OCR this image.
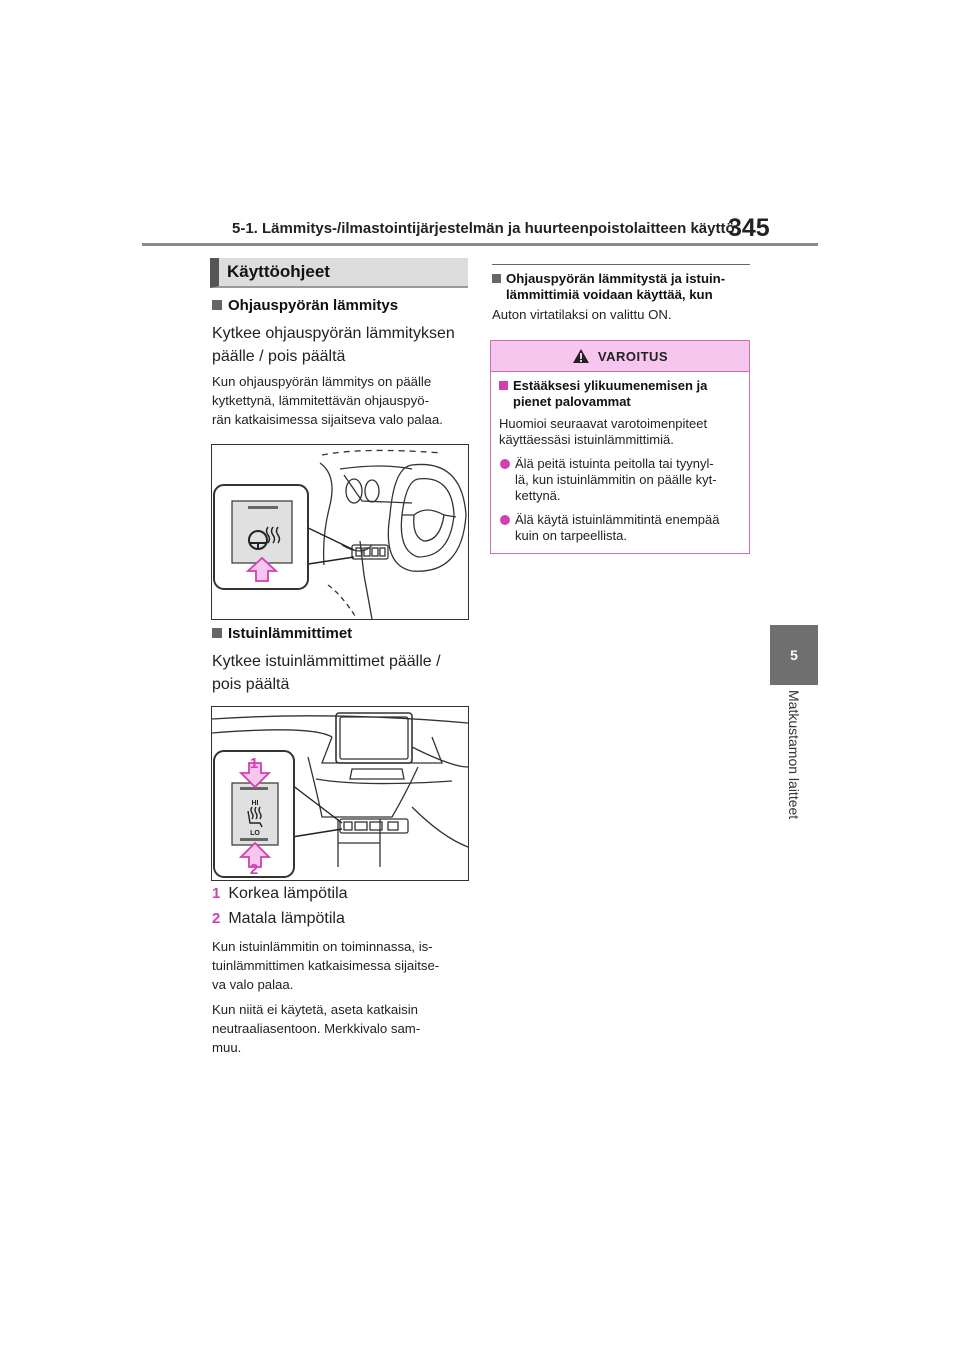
5-1. Lämmitys-/ilmastointijärjestelmän ja huurteenpoistolaitteen käyttö
345
5
Matkustamon laitteet
Käyttöohjeet
Ohjauspyörän lämmitys
Kytkee ohjauspyörän lämmityksen
päälle / pois päältä
Kun ohjauspyörän lämmitys on päälle
kytkettynä, lämmitettävän ohjauspyö-
rän katkaisimessa sijaitseva valo palaa.
Istuinlämmittimet
Kytkee istuinlämmittimet päälle /
pois päältä
HI
LO
1
2
1 Korkea lämpötila
2 Matala lämpötila
Kun istuinlämmitin on toiminnassa, is-
tuinlämmittimen katkaisimessa sijaitse-
va valo palaa.
Kun niitä ei käytetä, aseta katkaisin
neutraaliasentoon. Merkkivalo sam-
muu.
Ohjauspyörän lämmitystä ja istuin-
lämmittimiä voidaan käyttää, kun
Auton virtatilaksi on valittu ON.
VAROITUS
Estääksesi ylikuumenemisen ja
pienet palovammat
Huomioi seuraavat varotoimenpiteet
käyttäessäsi istuinlämmittimiä.
Älä peitä istuinta peitolla tai tyynyl-
lä, kun istuinlämmitin on päälle kyt-
kettynä.
Älä käytä istuinlämmitintä enempää
kuin on tarpeellista.
